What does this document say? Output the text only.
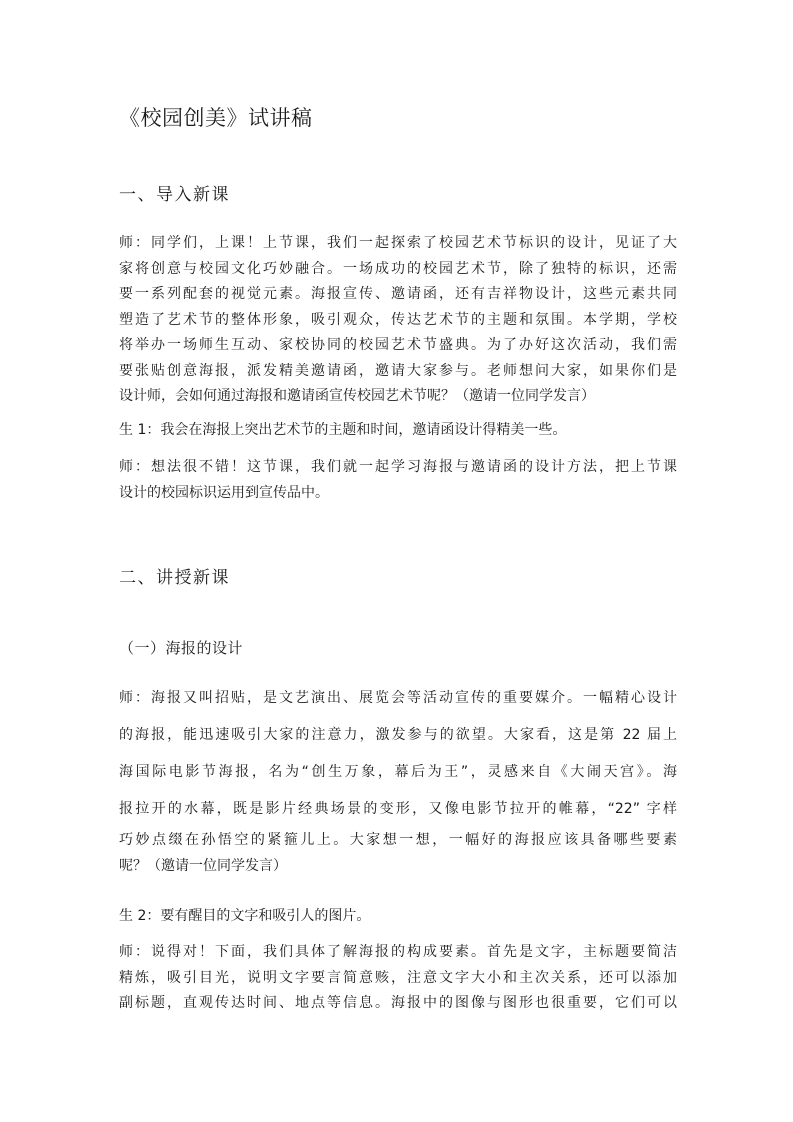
《校园创美》试讲稿
一、导入新课
师：同学们，上课！上节课，我们一起探索了校园艺术节标识的设计，见证了大
家将创意与校园文化巧妙融合。一场成功的校园艺术节，除了独特的标识，还需
要一系列配套的视觉元素。海报宣传、邀请函，还有吉祥物设计，这些元素共同
塑造了艺术节的整体形象，吸引观众，传达艺术节的主题和氛围。本学期，学校
将举办一场师生互动、家校协同的校园艺术节盛典。为了办好这次活动，我们需
要张贴创意海报，派发精美邀请函，邀请大家参与。老师想问大家，如果你们是
设计师，会如何通过海报和邀请函宣传校园艺术节呢？（邀请一位同学发言）
生 1：我会在海报上突出艺术节的主题和时间，邀请函设计得精美一些。
师：想法很不错！这节课，我们就一起学习海报与邀请函的设计方法，把上节课
设计的校园标识运用到宣传品中。
二、讲授新课
（一）海报的设计
师：海报又叫招贴，是文艺演出、展览会等活动宣传的重要媒介。一幅精心设计
的海报，能迅速吸引大家的注意力，激发参与的欲望。大家看，这是第 22 届上
海国际电影节海报，名为“创生万象，幕后为王”，灵感来自《大闹天宫》。海
报拉开的水幕，既是影片经典场景的变形，又像电影节拉开的帷幕，“22” 字样
巧妙点缀在孙悟空的紧箍儿上。大家想一想，一幅好的海报应该具备哪些要素
呢？（邀请一位同学发言）
生 2：要有醒目的文字和吸引人的图片。
师：说得对！下面，我们具体了解海报的构成要素。首先是文字，主标题要简洁
精炼，吸引目光，说明文字要言简意赅，注意文字大小和主次关系，还可以添加
副标题，直观传达时间、地点等信息。海报中的图像与图形也很重要，它们可以
